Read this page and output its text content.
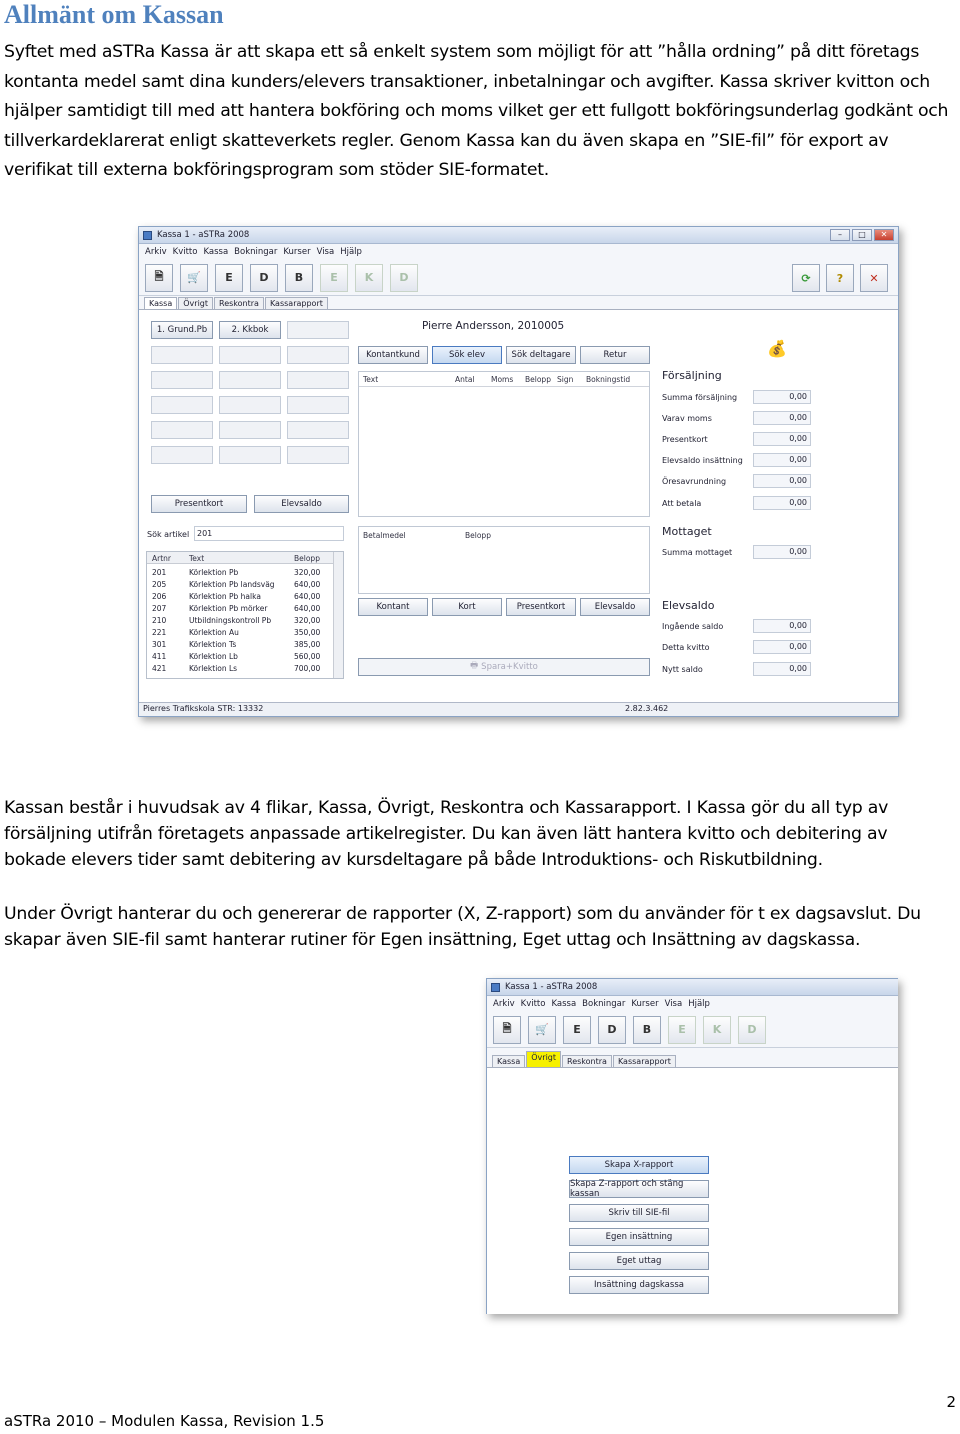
Allmänt om Kassan

Syftet med aSTRa Kassa är att skapa ett så enkelt system som möjligt för att ”hålla ordning” på ditt företags kontanta medel samt dina kunders/elevers transaktioner, inbetalningar och avgifter. Kassa skriver kvitton och hjälper samtidigt till med att hantera bokföring och moms vilket ger ett fullgott bokföringsunderlag godkänt och tillverkardeklarerat enligt skatteverkets regler. Genom Kassa kan du även skapa en ”SIE-fil” för export av verifikat till externa bokföringsprogram som stöder SIE-formatet.

Kassa 1 - aSTRa 2008	–	□	✕
Arkiv Kvitto Kassa Bokningar Kurser Visa Hjälp
🗎	🛒	E	D	B	E	K	D	⟳	?	✕
Kassa	Övrigt	Reskontra	Kassarapport
1. Grund.Pb	2. Kkbok
Presentkort	Elevsaldo
Sök artikel 201
Artnr Text	Belopp
201	Körlektion Pb	320,00
205	Körlektion Pb landsväg	640,00
206	Körlektion Pb halka	640,00
207	Körlektion Pb mörker	640,00
210	Utbildningskontroll Pb	320,00
221	Körlektion Au	350,00
301	Körlektion Ts	385,00
411	Körlektion Lb	560,00
421	Körlektion Ls	700,00
Pierre Andersson, 2010005
Kontantkund	Sök elev	Sök deltagare	Retur
Text	Antal Moms Belopp Sign Bokningstid
Betalmedel	Belopp
Kontant	Kort	Presentkort	Elevsaldo
🖶 Spara+Kvitto
💰
Försäljning
Summa försäljning	0,00
Varav moms	0,00
Presentkort	0,00
Elevsaldo insättning	0,00
Öresavrundning	0,00
Att betala	0,00
Mottaget
Summa mottaget	0,00
Elevsaldo
Ingående saldo	0,00
Detta kvitto	0,00
Nytt saldo	0,00
Pierres Trafikskola STR: 13332	2.82.3.462

Kassan består i huvudsak av 4 flikar, Kassa, Övrigt, Reskontra och Kassarapport. I Kassa gör du all typ av försäljning utifrån företagets anpassade artikelregister. Du kan även lätt hantera kvitto och debitering av bokade elevers tider samt debitering av kursdeltagare på både Introduktions- och Riskutbildning.

Under Övrigt hanterar du och genererar de rapporter (X, Z-rapport) som du använder för t ex dagsavslut. Du skapar även SIE-fil samt hanterar rutiner för Egen insättning, Eget uttag och Insättning av dagskassa.

Kassa 1 - aSTRa 2008
Arkiv Kvitto Kassa Bokningar Kurser Visa Hjälp
🗎	🛒	E	D	B	E	K	D
Kassa	Övrigt	Reskontra	Kassarapport
Skapa X-rapport
Skapa Z-rapport och stäng kassan
Skriv till SIE-fil
Egen insättning
Eget uttag
Insättning dagskassa
2
aSTRa 2010 – Modulen Kassa, Revision 1.5
